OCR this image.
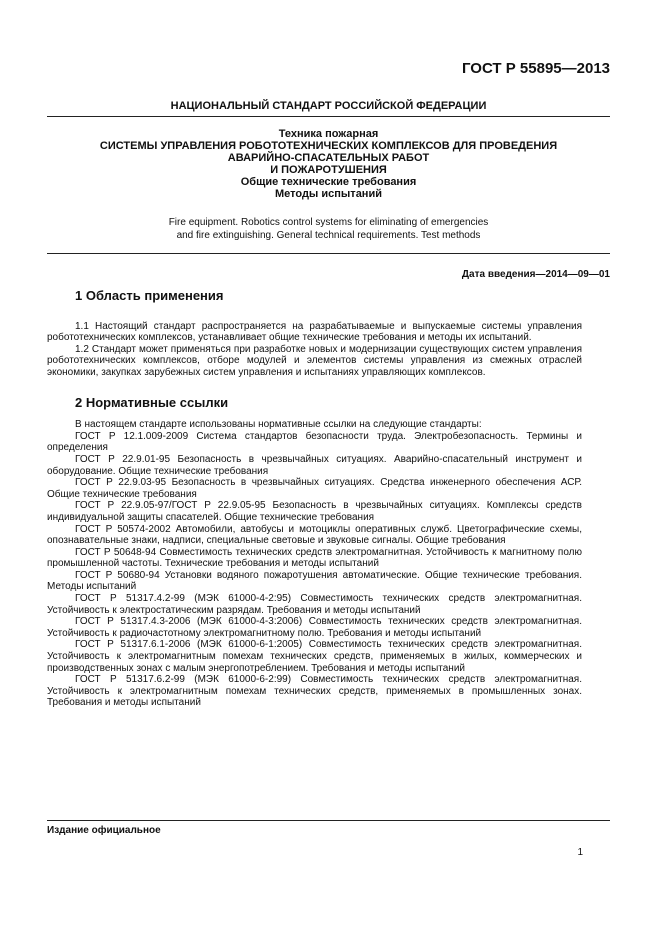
ГОСТ Р 55895—2013
НАЦИОНАЛЬНЫЙ СТАНДАРТ РОССИЙСКОЙ ФЕДЕРАЦИИ
Техника пожарная
СИСТЕМЫ УПРАВЛЕНИЯ РОБОТОТЕХНИЧЕСКИХ КОМПЛЕКСОВ ДЛЯ ПРОВЕДЕНИЯ
АВАРИЙНО-СПАСАТЕЛЬНЫХ РАБОТ
И ПОЖАРОТУШЕНИЯ
Общие технические требования
Методы испытаний
Fire equipment. Robotics control systems for eliminating of emergencies
and fire extinguishing. General technical requirements. Test methods
Дата введения—2014—09—01
1 Область применения

1.1 Настоящий стандарт распространяется на разрабатываемые и выпускаемые системы управления робототехнических комплексов, устанавливает общие технические требования и методы их испытаний.

1.2 Стандарт может применяться при разработке новых и модернизации существующих систем управления робототехнических комплексов, отборе модулей и элементов системы управления из смежных отраслей экономики, закупках зарубежных систем управления и испытаниях управляющих комплексов.

2 Нормативные ссылки

В настоящем стандарте использованы нормативные ссылки на следующие стандарты:

ГОСТ Р 12.1.009-2009 Система стандартов безопасности труда. Электробезопасность. Термины и определения

ГОСТ Р 22.9.01-95 Безопасность в чрезвычайных ситуациях. Аварийно-спасательный инструмент и оборудование. Общие технические требования

ГОСТ Р 22.9.03-95 Безопасность в чрезвычайных ситуациях. Средства инженерного обеспечения АСР. Общие технические требования

ГОСТ Р 22.9.05-97/ГОСТ Р 22.9.05-95 Безопасность в чрезвычайных ситуациях. Комплексы средств индивидуальной защиты спасателей. Общие технические требования

ГОСТ Р 50574-2002 Автомобили, автобусы и мотоциклы оперативных служб. Цветографические схемы, опознавательные знаки, надписи, специальные световые и звуковые сигналы. Общие требования

ГОСТ Р 50648-94 Совместимость технических средств электромагнитная. Устойчивость к магнитному полю промышленной частоты. Технические требования и методы испытаний

ГОСТ Р 50680-94 Установки водяного пожаротушения автоматические. Общие технические требования. Методы испытаний

ГОСТ Р 51317.4.2-99 (МЭК 61000-4-2:95) Совместимость технических средств электромагнитная. Устойчивость к электростатическим разрядам. Требования и методы испытаний

ГОСТ Р 51317.4.3-2006 (МЭК 61000-4-3:2006) Совместимость технических средств электромагнитная. Устойчивость к радиочастотному электромагнитному полю. Требования и методы испытаний

ГОСТ Р 51317.6.1-2006 (МЭК 61000-6-1:2005) Совместимость технических средств электромагнитная. Устойчивость к электромагнитным помехам технических средств, применяемых в жилых, коммерческих и производственных зонах с малым энергопотреблением. Требования и методы испытаний

ГОСТ Р 51317.6.2-99 (МЭК 61000-6-2:99) Совместимость технических средств электромагнитная. Устойчивость к электромагнитным помехам технических средств, применяемых в промышленных зонах. Требования и методы испытаний

Издание официальное
1
